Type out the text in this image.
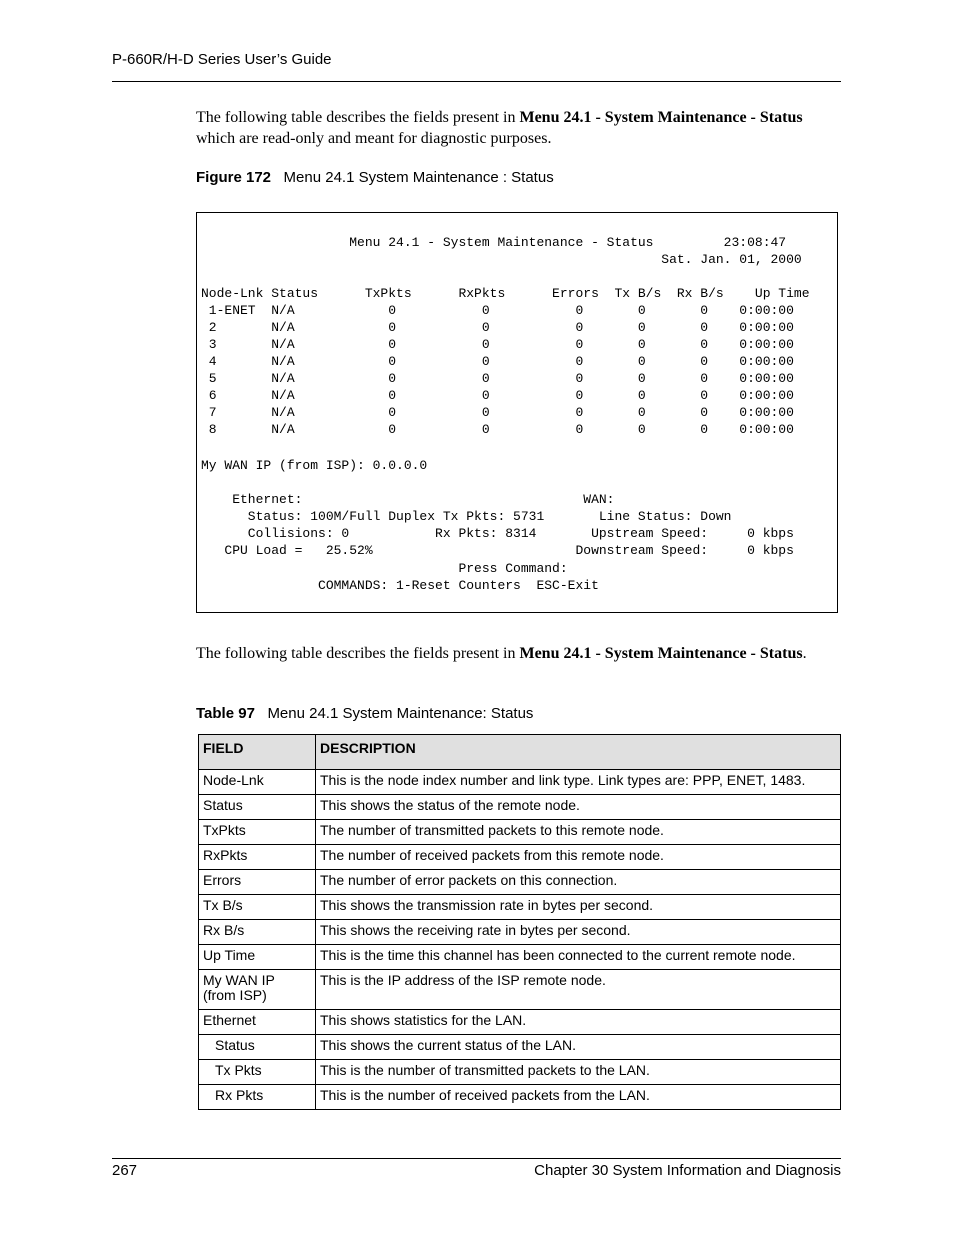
P-660R/H-D Series User’s Guide
The following table describes the fields present in Menu 24.1 - System Maintenance - Status
which are read-only and meant for diagnostic purposes.
Figure 172 Menu 24.1 System Maintenance : Status
Menu 24.1 - System Maintenance - Status         23:08:47
Sat. Jan. 01, 2000
Node-Lnk Status      TxPkts      RxPkts      Errors  Tx B/s  Rx B/s    Up Time
1-ENET  N/A            0           0           0       0       0    0:00:00
2       N/A            0           0           0       0       0    0:00:00
3       N/A            0           0           0       0       0    0:00:00
4       N/A            0           0           0       0       0    0:00:00
5       N/A            0           0           0       0       0    0:00:00
6       N/A            0           0           0       0       0    0:00:00
7       N/A            0           0           0       0       0    0:00:00
8       N/A            0           0           0       0       0    0:00:00
My WAN IP (from ISP): 0.0.0.0
Ethernet:                                    WAN:
Status: 100M/Full Duplex Tx Pkts: 5731       Line Status: Down
Collisions: 0           Rx Pkts: 8314       Upstream Speed:     0 kbps
CPU Load =   25.52%                          Downstream Speed:     0 kbps
Press Command:
COMMANDS: 1-Reset Counters  ESC-Exit
The following table describes the fields present in Menu 24.1 - System Maintenance - Status.
Table 97 Menu 24.1 System Maintenance: Status
FIELD	DESCRIPTION
Node-Lnk	This is the node index number and link type. Link types are: PPP, ENET, 1483.
Status	This shows the status of the remote node.
TxPkts	The number of transmitted packets to this remote node.
RxPkts	The number of received packets from this remote node.
Errors	The number of error packets on this connection.
Tx B/s	This shows the transmission rate in bytes per second.
Rx B/s	This shows the receiving rate in bytes per second.
Up Time	This is the time this channel has been connected to the current remote node.
My WAN IP (from ISP)	This is the IP address of the ISP remote node.
Ethernet	This shows statistics for the LAN.
Status	This shows the current status of the LAN.
Tx Pkts	This is the number of transmitted packets to the LAN.
Rx Pkts	This is the number of received packets from the LAN.
267	Chapter 30 System Information and Diagnosis
